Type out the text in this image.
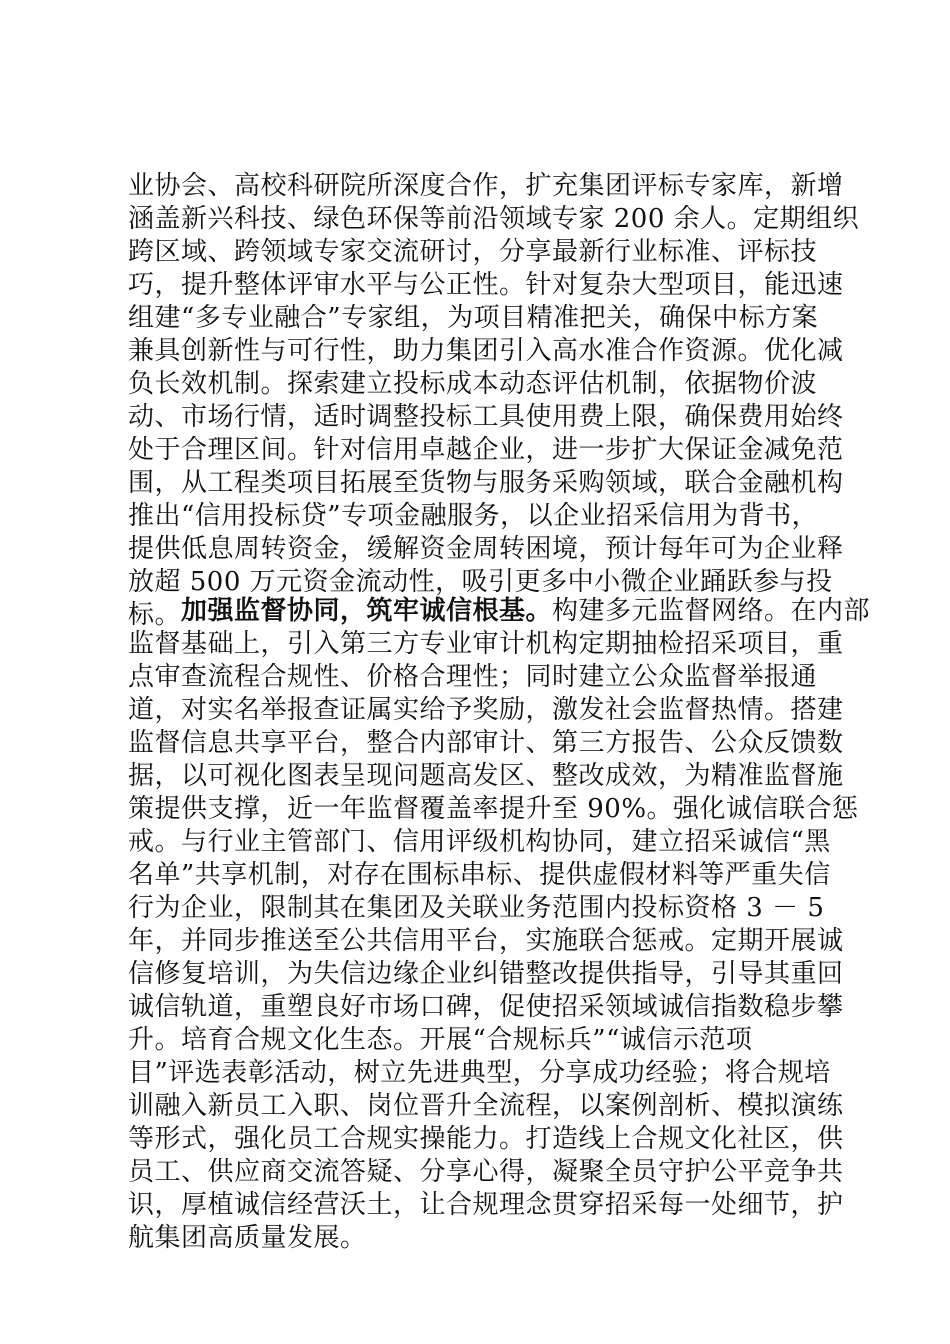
业协会、高校科研院所深度合作，扩充集团评标专家库，新增
涵盖新兴科技、绿色环保等前沿领域专家 200 余人。定期组织
跨区域、跨领域专家交流研讨，分享最新行业标准、评标技
巧，提升整体评审水平与公正性。针对复杂大型项目，能迅速
组建“多专业融合”专家组，为项目精准把关，确保中标方案
兼具创新性与可行性，助力集团引入高水准合作资源。优化减
负长效机制。探索建立投标成本动态评估机制，依据物价波
动、市场行情，适时调整投标工具使用费上限，确保费用始终
处于合理区间。针对信用卓越企业，进一步扩大保证金减免范
围，从工程类项目拓展至货物与服务采购领域，联合金融机构
推出“信用投标贷”专项金融服务，以企业招采信用为背书，
提供低息周转资金，缓解资金周转困境，预计每年可为企业释
放超 500 万元资金流动性，吸引更多中小微企业踊跃参与投
标。
   加强监督协同，筑牢诚信根基。构建多元监督网络。在内部
监督基础上，引入第三方专业审计机构定期抽检招采项目，重
点审查流程合规性、价格合理性；同时建立公众监督举报通
道，对实名举报查证属实给予奖励，激发社会监督热情。搭建
监督信息共享平台，整合内部审计、第三方报告、公众反馈数
据，以可视化图表呈现问题高发区、整改成效，为精准监督施
策提供支撑，近一年监督覆盖率提升至 90%。强化诚信联合惩
戒。与行业主管部门、信用评级机构协同，建立招采诚信“黑
名单”共享机制，对存在围标串标、提供虚假材料等严重失信
行为企业，限制其在集团及关联业务范围内投标资格 3 － 5
年，并同步推送至公共信用平台，实施联合惩戒。定期开展诚
信修复培训，为失信边缘企业纠错整改提供指导，引导其重回
诚信轨道，重塑良好市场口碑，促使招采领域诚信指数稳步攀
升。培育合规文化生态。开展“合规标兵”“诚信示范项
目”评选表彰活动，树立先进典型，分享成功经验；将合规培
训融入新员工入职、岗位晋升全流程，以案例剖析、模拟演练
等形式，强化员工合规实操能力。打造线上合规文化社区，供
员工、供应商交流答疑、分享心得，凝聚全员守护公平竞争共
识，厚植诚信经营沃土，让合规理念贯穿招采每一处细节，护
航集团高质量发展。
